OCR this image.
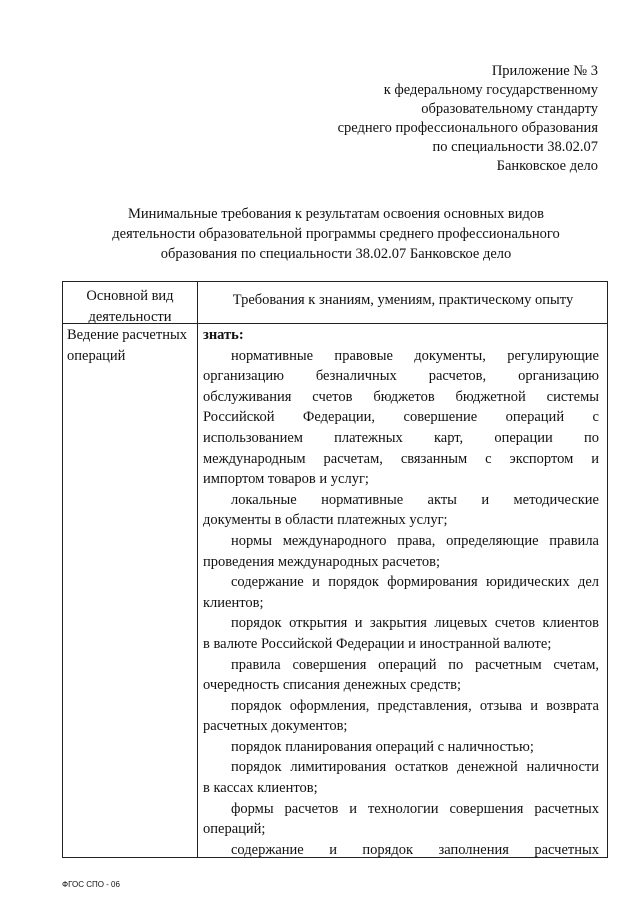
Приложение № 3
к федеральному государственному
образовательному стандарту
среднего профессионального образования
по специальности 38.02.07
Банковское дело
Минимальные требования к результатам освоения основных видов
деятельности образовательной программы среднего профессионального
образования по специальности 38.02.07 Банковское дело
Основной вид
деятельности
Требования к знаниям, умениям, практическому опыту
Ведение расчетных
операций
знать:
нормативные правовые документы, регулирующие
организацию безналичных расчетов, организацию
обслуживания счетов бюджетов бюджетной системы
Российской Федерации, совершение операций с
использованием платежных карт, операции по
международным расчетам, связанным с экспортом и
импортом товаров и услуг;
локальные нормативные акты и методические
документы в области платежных услуг;
нормы международного права, определяющие правила
проведения международных расчетов;
содержание и порядок формирования юридических дел
клиентов;
порядок открытия и закрытия лицевых счетов клиентов
в валюте Российской Федерации и иностранной валюте;
правила совершения операций по расчетным счетам,
очередность списания денежных средств;
порядок оформления, представления, отзыва и возврата
расчетных документов;
порядок планирования операций с наличностью;
порядок лимитирования остатков денежной наличности
в кассах клиентов;
формы расчетов и технологии совершения расчетных
операций;
содержание и порядок заполнения расчетных
ФГОС СПО - 06
